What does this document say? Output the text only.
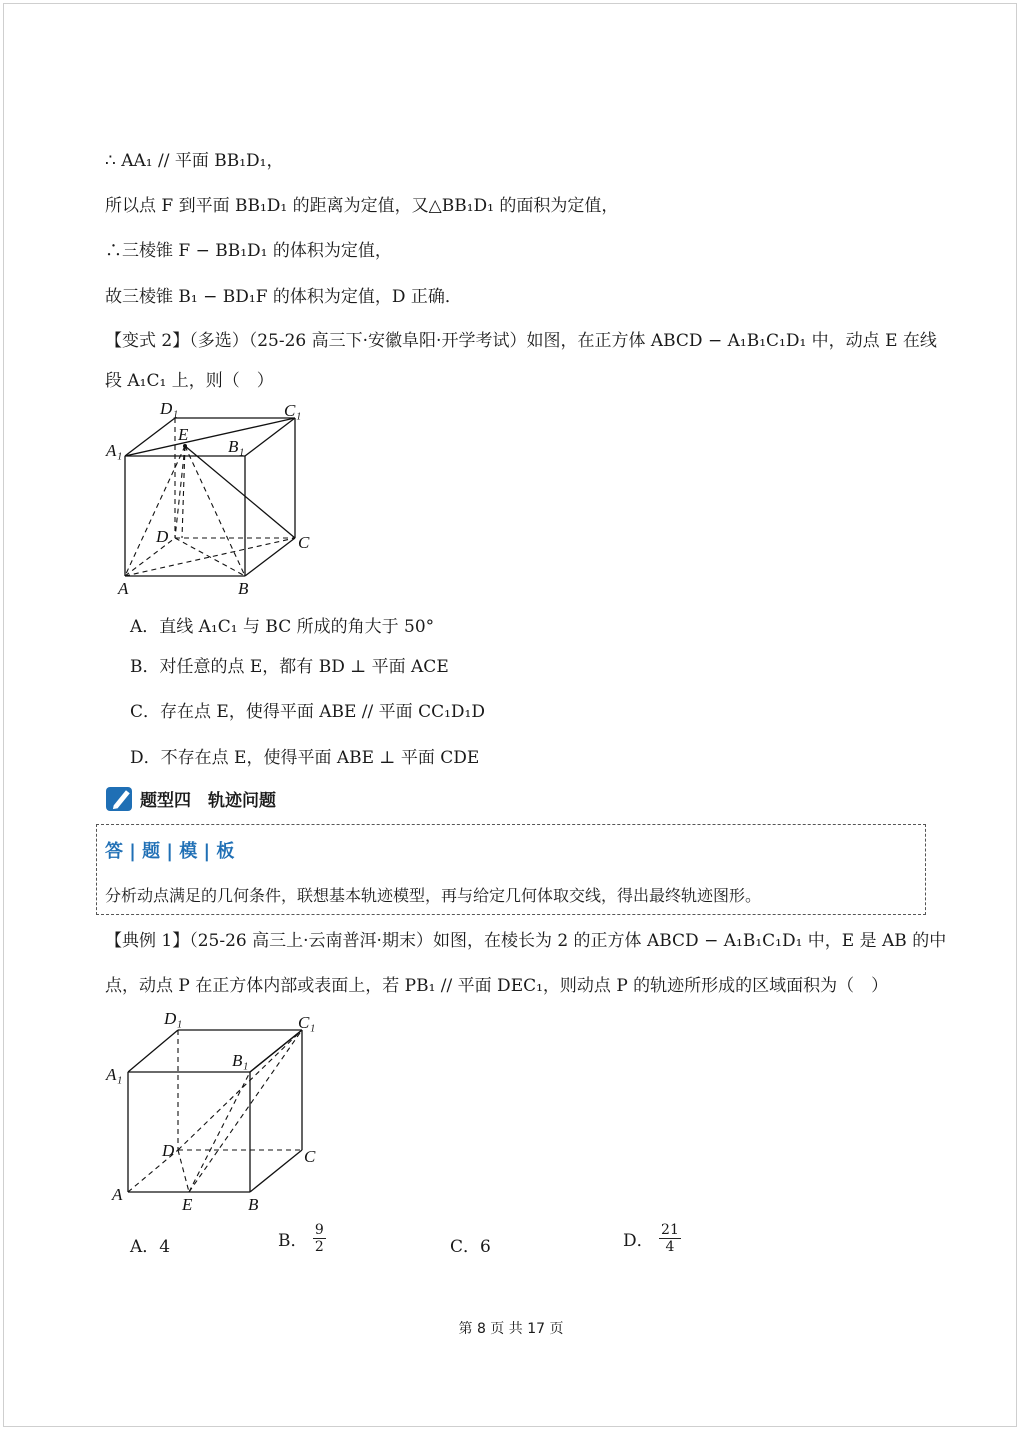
∴ AA₁ // 平面 BB₁D₁，
所以点 F 到平面 BB₁D₁ 的距离为定值，又△BB₁D₁ 的面积为定值，
∴三棱锥 F − BB₁D₁ 的体积为定值，
故三棱锥 B₁ − BD₁F 的体积为定值，D 正确．
【变式 2】（多选）（25-26 高三下·安徽阜阳·开学考试）如图，在正方体 ABCD − A₁B₁C₁D₁ 中，动点 E 在线
段 A₁C₁ 上，则（　）
D₁	C₁
E
B₁
A₁
D	C
A	B
A．直线 A₁C₁ 与 BC 所成的角大于 50°
B．对任意的点 E，都有 BD ⊥ 平面 ACE
C．存在点 E，使得平面 ABE // 平面 CC₁D₁D
D．不存在点 E，使得平面 ABE ⊥ 平面 CDE
题型四　轨迹问题
答 | 题 | 模 | 板
分析动点满足的几何条件，联想基本轨迹模型，再与给定几何体取交线，得出最终轨迹图形。
【典例 1】（25-26 高三上·云南普洱·期末）如图，在棱长为 2 的正方体 ABCD − A₁B₁C₁D₁ 中，E 是 AB 的中
点，动点 P 在正方体内部或表面上，若 PB₁ // 平面 DEC₁，则动点 P 的轨迹所形成的区域面积为（　）
D₁	C₁
B₁
A₁
D	C
A
E	B
A．4	B． $\frac{9}{2}$	C．6	D． $\frac{21}{4}$
第 8 页 共 17 页
